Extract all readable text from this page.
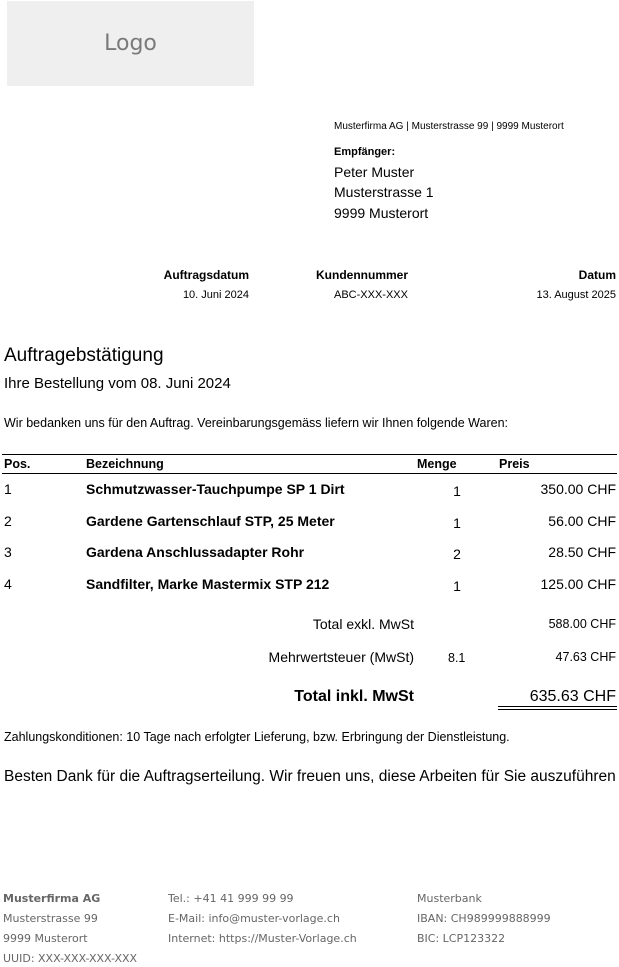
Logo
Musterfirma AG | Musterstrasse 99 | 9999 Musterort
Empfänger:
Peter Muster
Musterstrasse 1
9999 Musterort
Auftragsdatum
10. Juni 2024
Kundennummer
ABC-XXX-XXX
Datum
13. August 2025
Auftragebstätigung
Ihre Bestellung vom 08. Juni 2024
Wir bedanken uns für den Auftrag. Vereinbarungsgemäss liefern wir Ihnen folgende Waren:
Pos.	Bezeichnung	Menge	Preis
1	Schmutzwasser-Tauchpumpe SP 1 Dirt	1	350.00 CHF
2	Gardene Gartenschlauf STP, 25 Meter	1	56.00 CHF
3	Gardena Anschlussadapter Rohr	2	28.50 CHF
4	Sandfilter, Marke Mastermix STP 212	1	125.00 CHF
Total exkl. MwSt	588.00 CHF
Mehrwertsteuer (MwSt)	8.1	47.63 CHF
Total inkl. MwSt	635.63 CHF
Zahlungskonditionen: 10 Tage nach erfolgter Lieferung, bzw. Erbringung der Dienstleistung.
Besten Dank für die Auftragserteilung. Wir freuen uns, diese Arbeiten für Sie auszuführen
Musterfirma AG
Musterstrasse 99
9999 Musterort
UUID: XXX-XXX-XXX-XXX
Tel.: +41 41 999 99 99
E-Mail: info@muster-vorlage.ch
Internet: https://Muster-Vorlage.ch
Musterbank
IBAN: CH989999888999
BIC: LCP123322
